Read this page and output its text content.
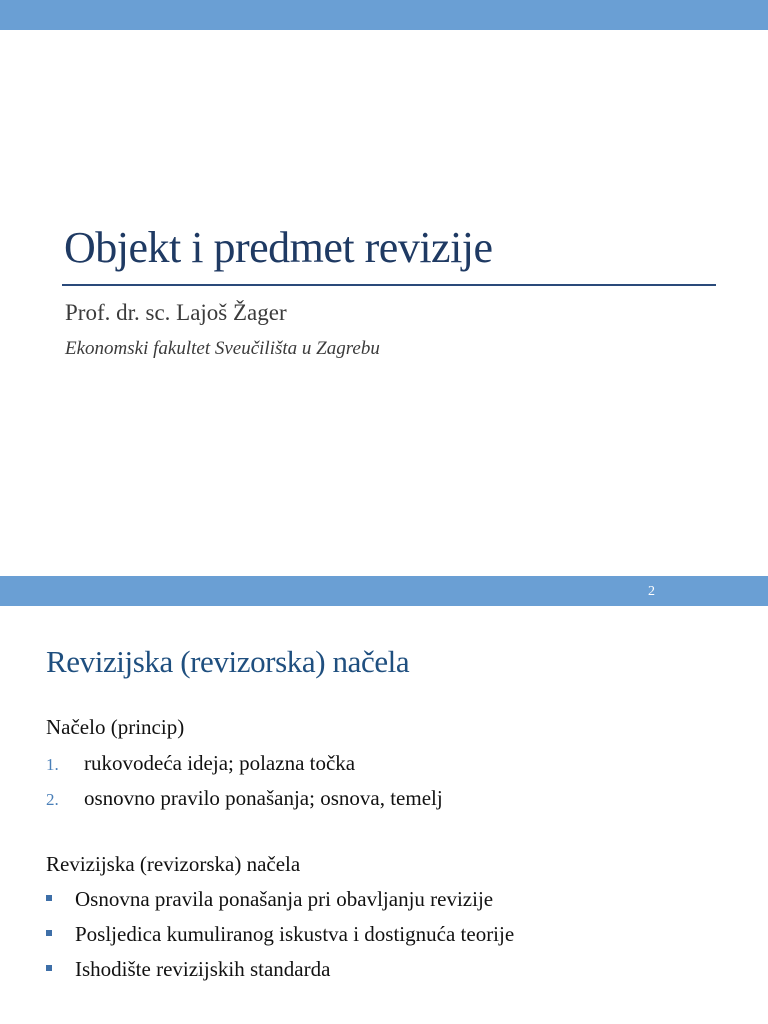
Objekt i predmet revizije
Prof. dr. sc. Lajoš Žager
Ekonomski fakultet Sveučilišta u Zagrebu
2
Revizijska (revizorska) načela
Načelo (princip)
1.	rukovodeća ideja; polazna točka
2.	osnovno pravilo ponašanja; osnova, temelj
Revizijska (revizorska) načela
Osnovna pravila ponašanja pri obavljanju revizije
Posljedica kumuliranog iskustva i dostignuća teorije
Ishodište revizijskih standarda
